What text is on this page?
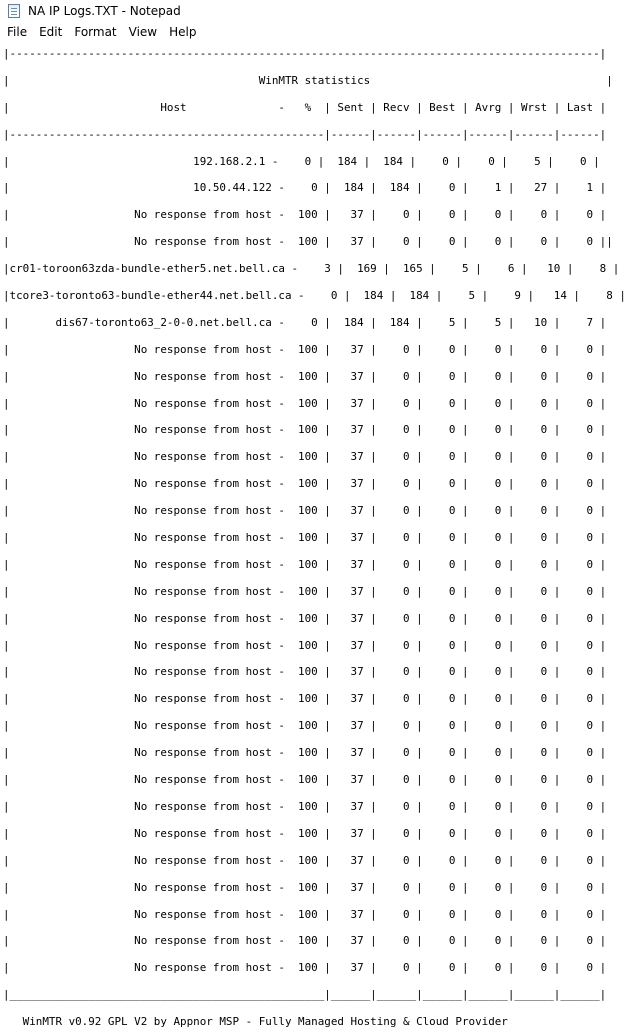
NA IP Logs.TXT - Notepad
File	Edit	Format	View	Help
|------------------------------------------------------------------------------------------|
|                                      WinMTR statistics                                    |
|                       Host              -   %  | Sent | Recv | Best | Avrg | Wrst | Last |
|------------------------------------------------|------|------|------|------|------|------|
|                            192.168.2.1 -    0 |  184 |  184 |    0 |    0 |    5 |    0 |
|                            10.50.44.122 -    0 |  184 |  184 |    0 |    1 |   27 |    1 |
|                   No response from host -  100 |   37 |    0 |    0 |    0 |    0 |    0 |
|                   No response from host -  100 |   37 |    0 |    0 |    0 |    0 |    0 ||
|cr01-toroon63zda-bundle-ether5.net.bell.ca -    3 |  169 |  165 |    5 |    6 |   10 |    8 |
|tcore3-toronto63-bundle-ether44.net.bell.ca -    0 |  184 |  184 |    5 |    9 |   14 |    8 |
|       dis67-toronto63_2-0-0.net.bell.ca -    0 |  184 |  184 |    5 |    5 |   10 |    7 |
|                   No response from host -  100 |   37 |    0 |    0 |    0 |    0 |    0 |
|                   No response from host -  100 |   37 |    0 |    0 |    0 |    0 |    0 |
|                   No response from host -  100 |   37 |    0 |    0 |    0 |    0 |    0 |
|                   No response from host -  100 |   37 |    0 |    0 |    0 |    0 |    0 |
|                   No response from host -  100 |   37 |    0 |    0 |    0 |    0 |    0 |
|                   No response from host -  100 |   37 |    0 |    0 |    0 |    0 |    0 |
|                   No response from host -  100 |   37 |    0 |    0 |    0 |    0 |    0 |
|                   No response from host -  100 |   37 |    0 |    0 |    0 |    0 |    0 |
|                   No response from host -  100 |   37 |    0 |    0 |    0 |    0 |    0 |
|                   No response from host -  100 |   37 |    0 |    0 |    0 |    0 |    0 |
|                   No response from host -  100 |   37 |    0 |    0 |    0 |    0 |    0 |
|                   No response from host -  100 |   37 |    0 |    0 |    0 |    0 |    0 |
|                   No response from host -  100 |   37 |    0 |    0 |    0 |    0 |    0 |
|                   No response from host -  100 |   37 |    0 |    0 |    0 |    0 |    0 |
|                   No response from host -  100 |   37 |    0 |    0 |    0 |    0 |    0 |
|                   No response from host -  100 |   37 |    0 |    0 |    0 |    0 |    0 |
|                   No response from host -  100 |   37 |    0 |    0 |    0 |    0 |    0 |
|                   No response from host -  100 |   37 |    0 |    0 |    0 |    0 |    0 |
|                   No response from host -  100 |   37 |    0 |    0 |    0 |    0 |    0 |
|                   No response from host -  100 |   37 |    0 |    0 |    0 |    0 |    0 |
|                   No response from host -  100 |   37 |    0 |    0 |    0 |    0 |    0 |
|                   No response from host -  100 |   37 |    0 |    0 |    0 |    0 |    0 |
|                   No response from host -  100 |   37 |    0 |    0 |    0 |    0 |    0 |
|                   No response from host -  100 |   37 |    0 |    0 |    0 |    0 |    0 |
|________________________________________________|______|______|______|______|______|______|
WinMTR v0.92 GPL V2 by Appnor MSP - Fully Managed Hosting & Cloud Provider
